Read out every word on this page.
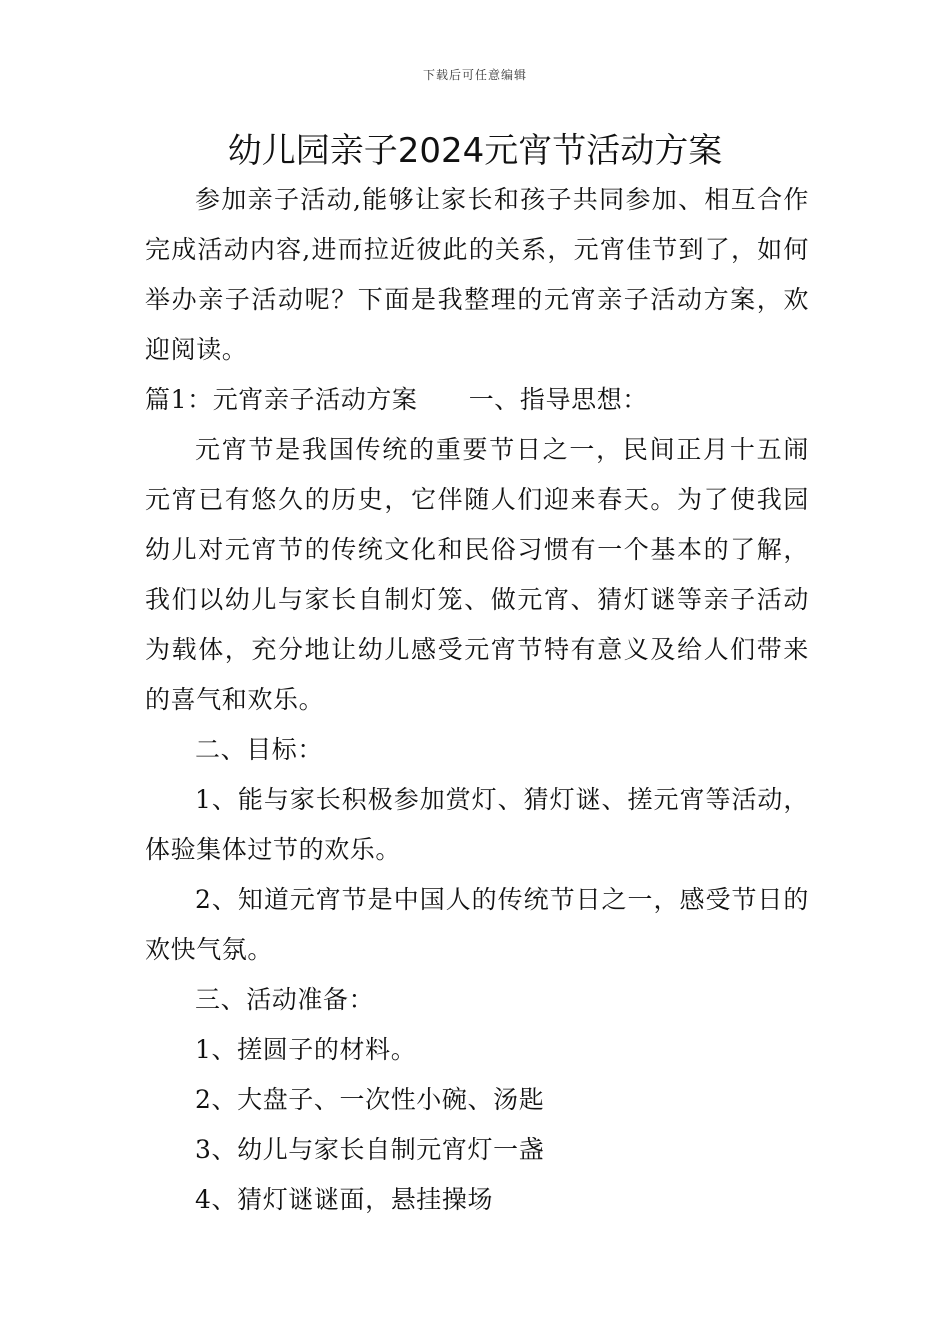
下载后可任意编辑
幼儿园亲子2024元宵节活动方案

参加亲子活动,能够让家长和孩子共同参加、相互合作完成活动内容,进而拉近彼此的关系，元宵佳节到了，如何举办亲子活动呢？下面是我整理的元宵亲子活动方案，欢迎阅读。

篇1：元宵亲子活动方案　　一、指导思想：

元宵节是我国传统的重要节日之一，民间正月十五闹元宵已有悠久的历史，它伴随人们迎来春天。为了使我园幼儿对元宵节的传统文化和民俗习惯有一个基本的了解，我们以幼儿与家长自制灯笼、做元宵、猜灯谜等亲子活动为载体，充分地让幼儿感受元宵节特有意义及给人们带来的喜气和欢乐。

二、目标：

1、能与家长积极参加赏灯、猜灯谜、搓元宵等活动，体验集体过节的欢乐。

2、知道元宵节是中国人的传统节日之一，感受节日的欢快气氛。

三、活动准备：

1、搓圆子的材料。

2、大盘子、一次性小碗、汤匙

3、幼儿与家长自制元宵灯一盏

4、猜灯谜谜面，悬挂操场
